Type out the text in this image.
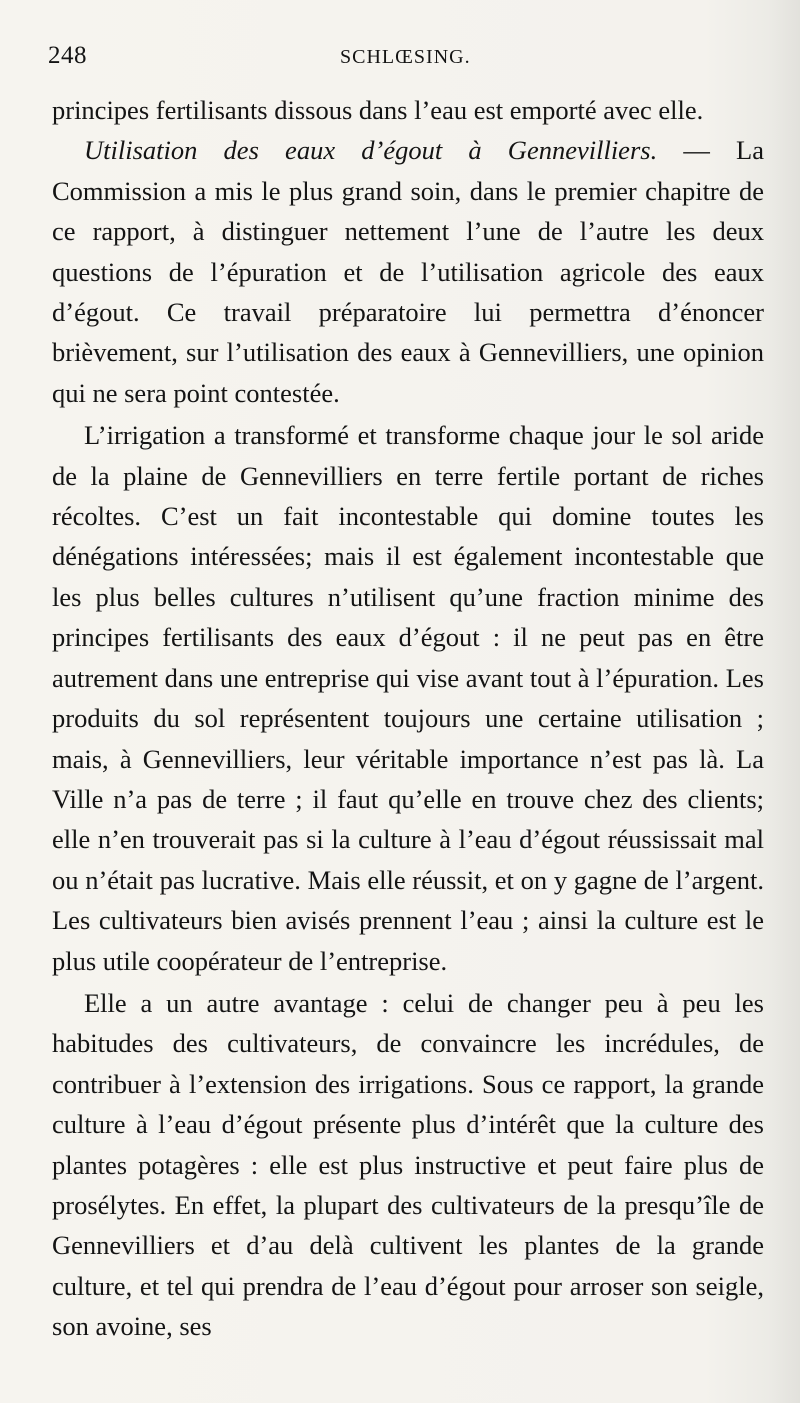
248	SCHLŒSING.

principes fertilisants dissous dans l’eau est emporté avec elle.

Utilisation des eaux d’égout à Gennevilliers. — La Commission a mis le plus grand soin, dans le premier chapitre de ce rapport, à distinguer nettement l’une de l’autre les deux questions de l’épuration et de l’utilisation agricole des eaux d’égout. Ce travail préparatoire lui permettra d’énoncer brièvement, sur l’utilisation des eaux à Gennevilliers, une opinion qui ne sera point contestée.

L’irrigation a transformé et transforme chaque jour le sol aride de la plaine de Gennevilliers en terre fertile portant de riches récoltes. C’est un fait incontestable qui domine toutes les dénégations intéressées; mais il est également incontestable que les plus belles cultures n’utilisent qu’une fraction minime des principes fertilisants des eaux d’égout : il ne peut pas en être autrement dans une entreprise qui vise avant tout à l’épuration. Les produits du sol représentent toujours une certaine utilisation ; mais, à Gennevilliers, leur véritable importance n’est pas là. La Ville n’a pas de terre ; il faut qu’elle en trouve chez des clients; elle n’en trouverait pas si la culture à l’eau d’égout réussissait mal ou n’était pas lucrative. Mais elle réussit, et on y gagne de l’argent. Les cultivateurs bien avisés prennent l’eau ; ainsi la culture est le plus utile coopérateur de l’entreprise.

Elle a un autre avantage : celui de changer peu à peu les habitudes des cultivateurs, de convaincre les incrédules, de contribuer à l’extension des irrigations. Sous ce rapport, la grande culture à l’eau d’égout présente plus d’intérêt que la culture des plantes potagères : elle est plus instructive et peut faire plus de prosélytes. En effet, la plupart des cultivateurs de la presqu’île de Gennevilliers et d’au delà cultivent les plantes de la grande culture, et tel qui prendra de l’eau d’égout pour arroser son seigle, son avoine, ses
